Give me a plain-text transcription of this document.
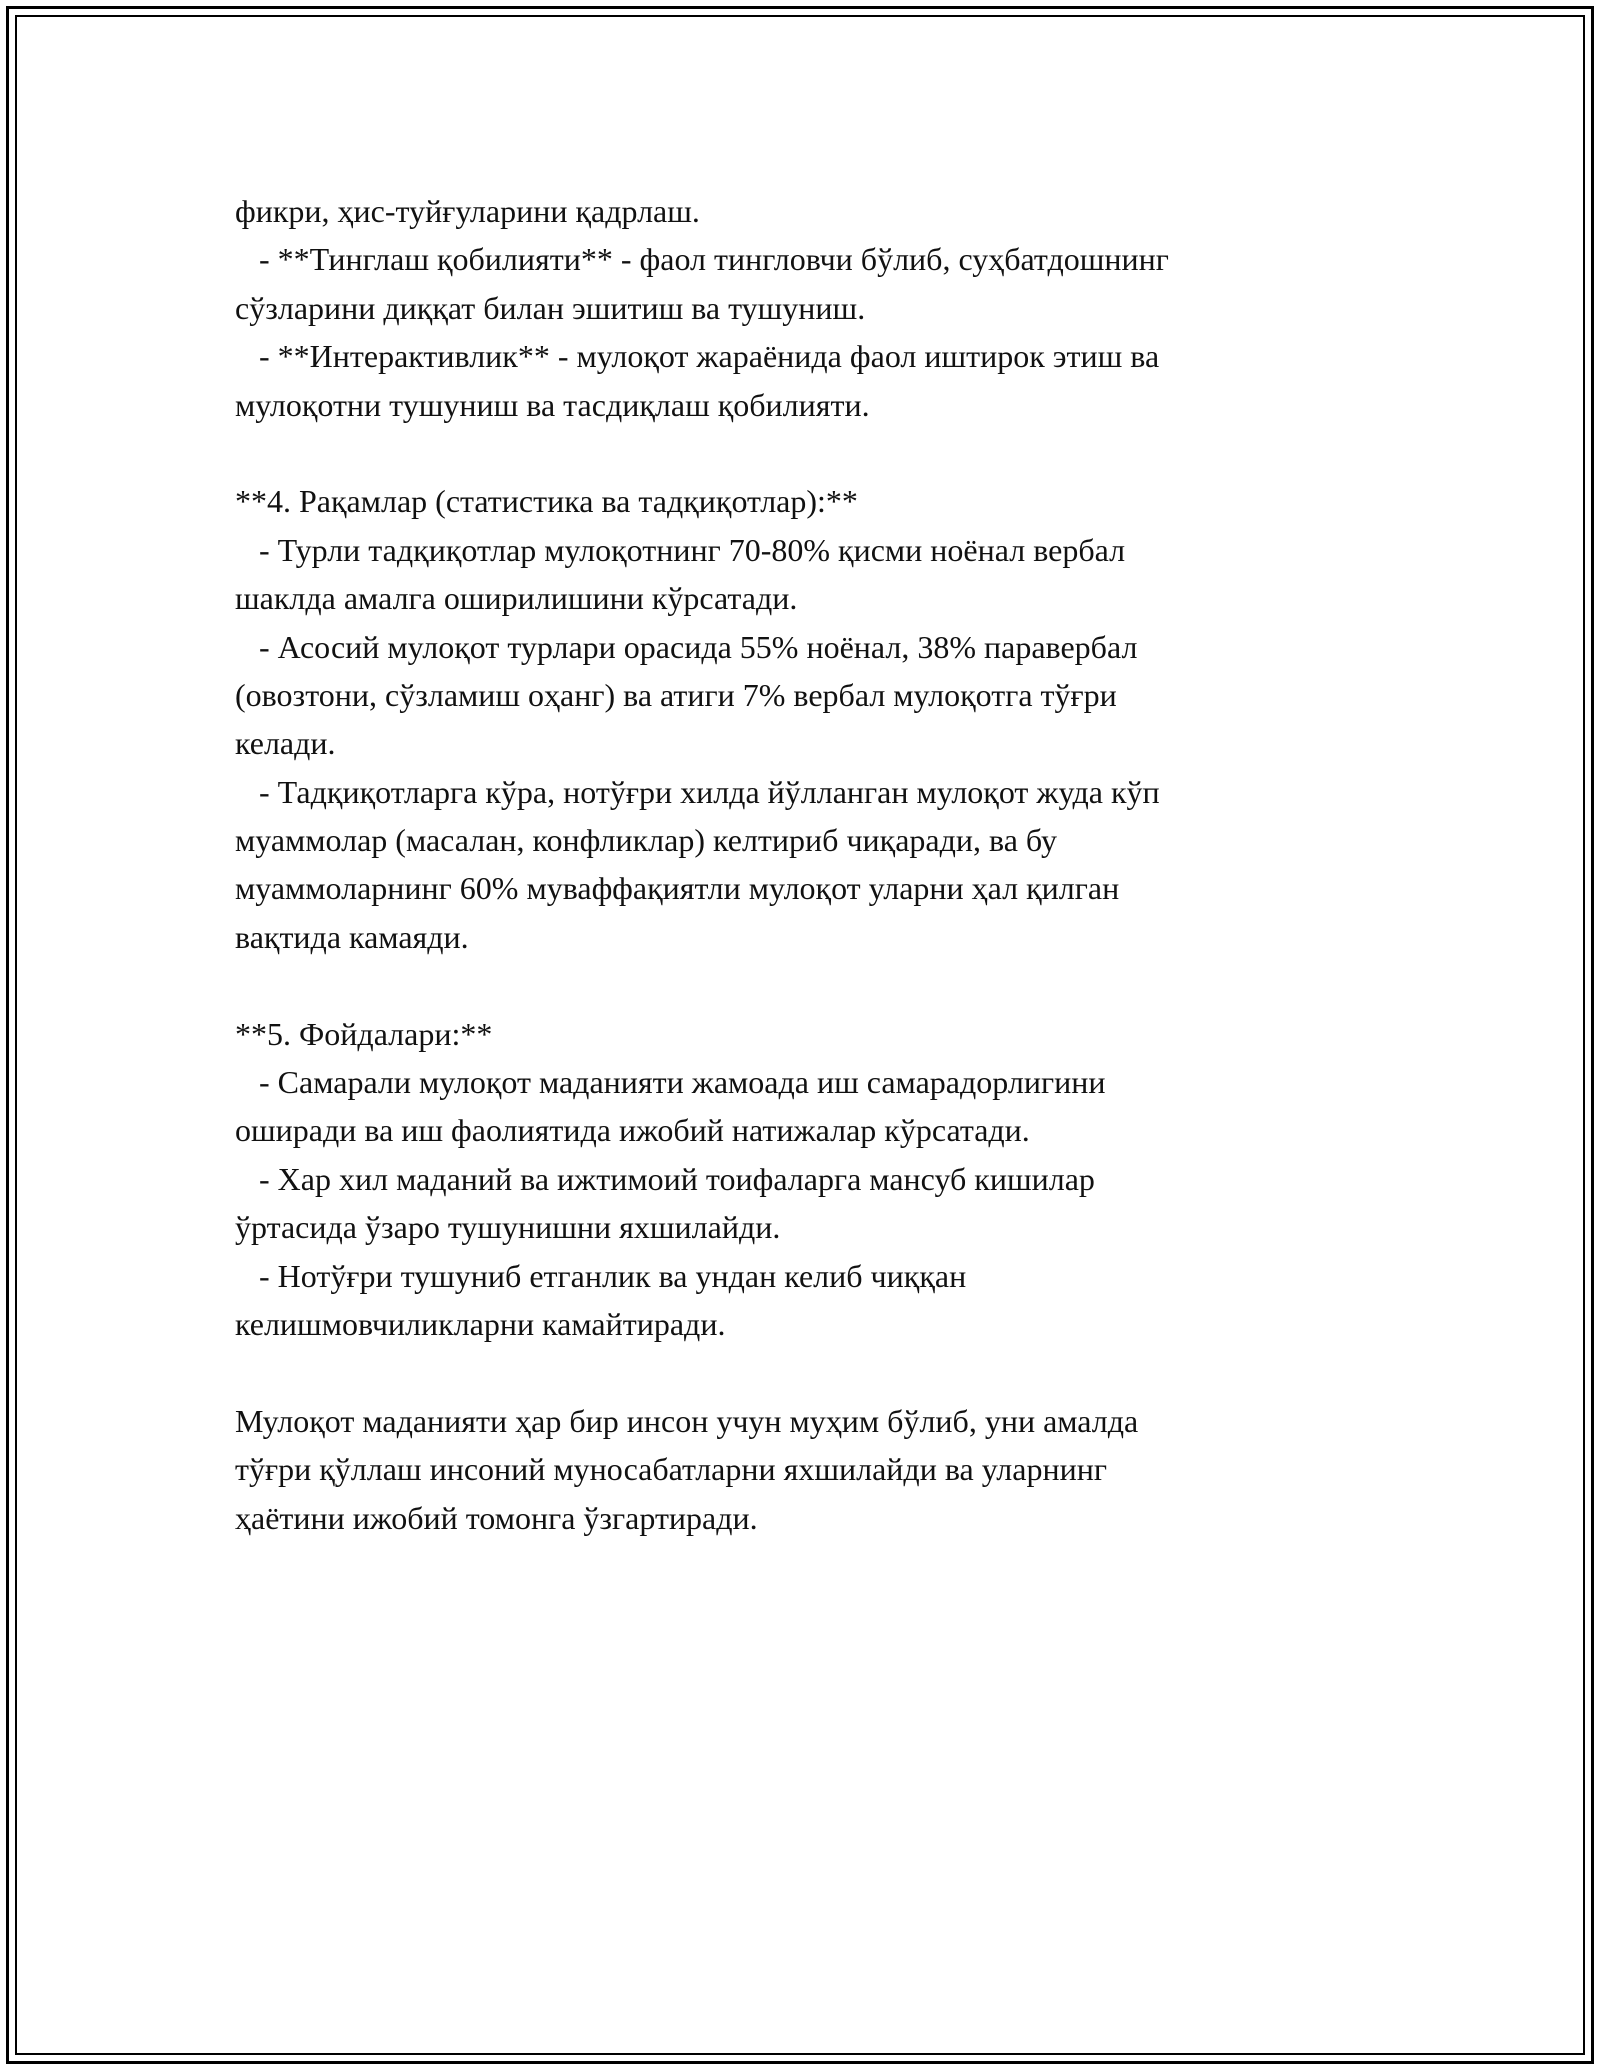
фикри, ҳис-туйғуларини қадрлаш.
- **Тинглаш қобилияти** - фаол тингловчи бўлиб, суҳбатдошнинг
сўзларини диққат билан эшитиш ва тушуниш.
- **Интерактивлик** - мулоқот жараёнида фаол иштирок этиш ва
мулоқотни тушуниш ва тасдиқлаш қобилияти.
**4. Рақамлар (статистика ва тадқиқотлар):**
- Турли тадқиқотлар мулоқотнинг 70-80% қисми ноёнал вербал
шаклда амалга оширилишини кўрсатади.
- Асосий мулоқот турлари орасида 55% ноёнал, 38% паравербал
(овозтони, сўзламиш оҳанг) ва атиги 7% вербал мулоқотга тўғри
келади.
- Тадқиқотларга кўра, нотўғри хилда йўлланган мулоқот жуда кўп
муаммолар (масалан, конфликлар) келтириб чиқаради, ва бу
муаммоларнинг 60% муваффақиятли мулоқот уларни ҳал қилган
вақтида камаяди.
**5. Фойдалари:**
- Самарали мулоқот маданияти жамоада иш самарадорлигини
оширади ва иш фаолиятида ижобий натижалар кўрсатади.
- Хар хил маданий ва ижтимоий тоифаларга мансуб кишилар
ўртасида ўзаро тушунишни яхшилайди.
- Нотўғри тушуниб етганлик ва ундан келиб чиққан
келишмовчиликларни камайтиради.
Мулоқот маданияти ҳар бир инсон учун муҳим бўлиб, уни амалда
тўғри қўллаш инсоний муносабатларни яхшилайди ва уларнинг
ҳаётини ижобий томонга ўзгартиради.
